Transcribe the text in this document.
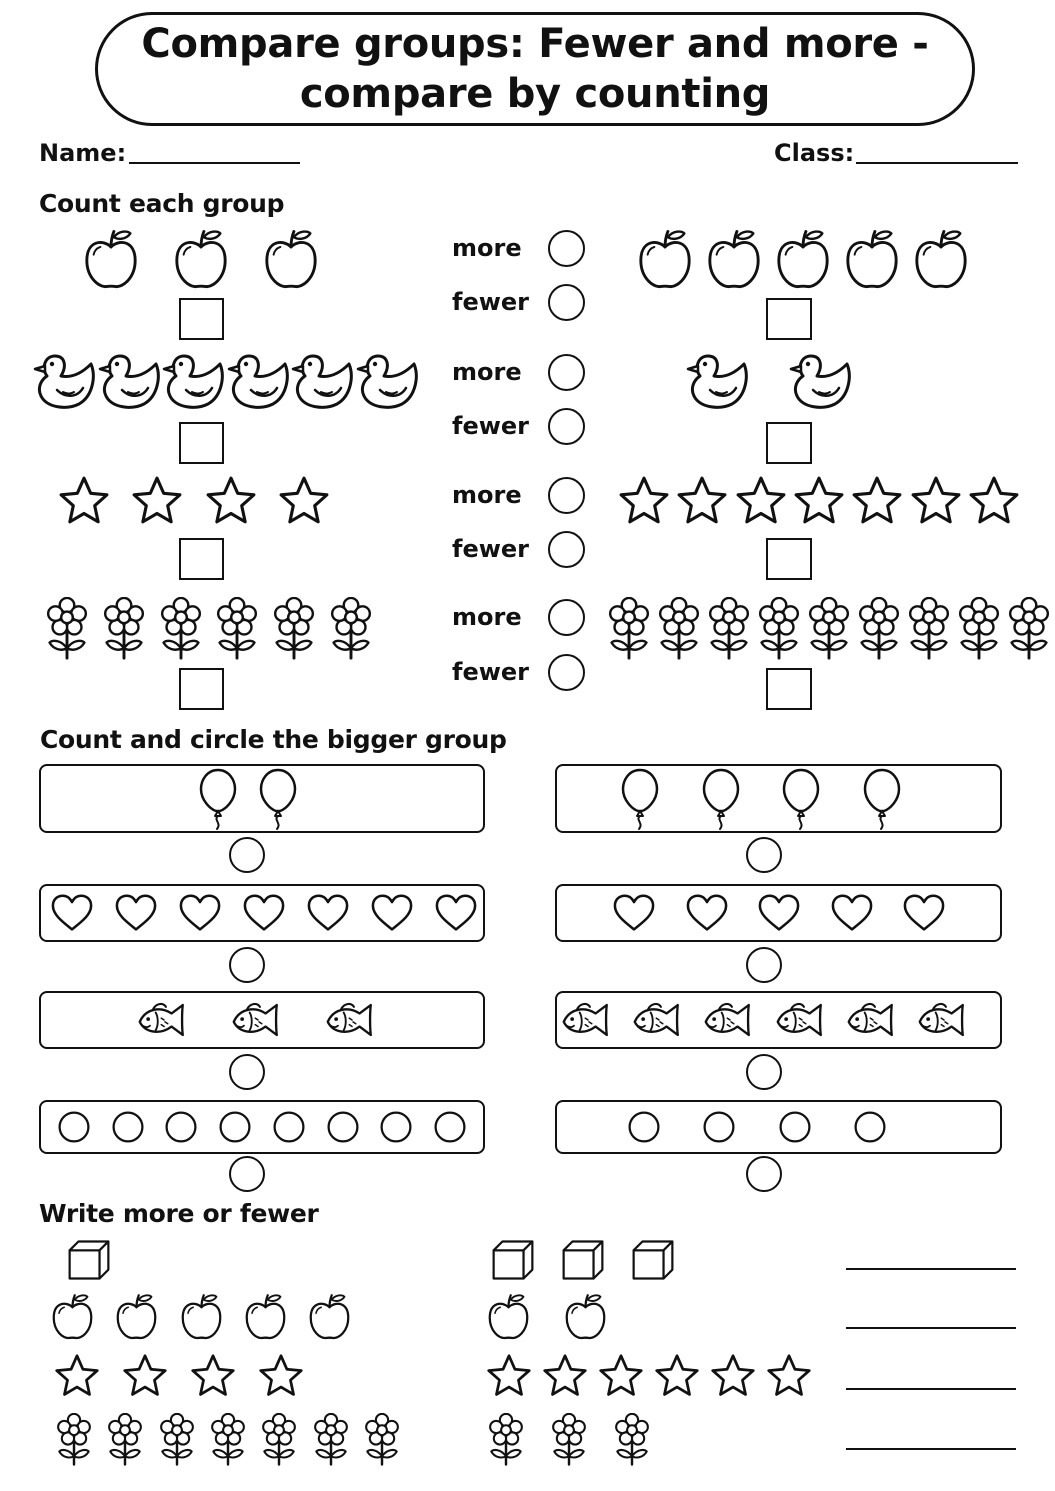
Compare groups: Fewer and more -
compare by counting
Name:	Class:
Count each group
Count and circle the bigger group
Write more or fewer
more
fewer
more
fewer
more
fewer
more
fewer
